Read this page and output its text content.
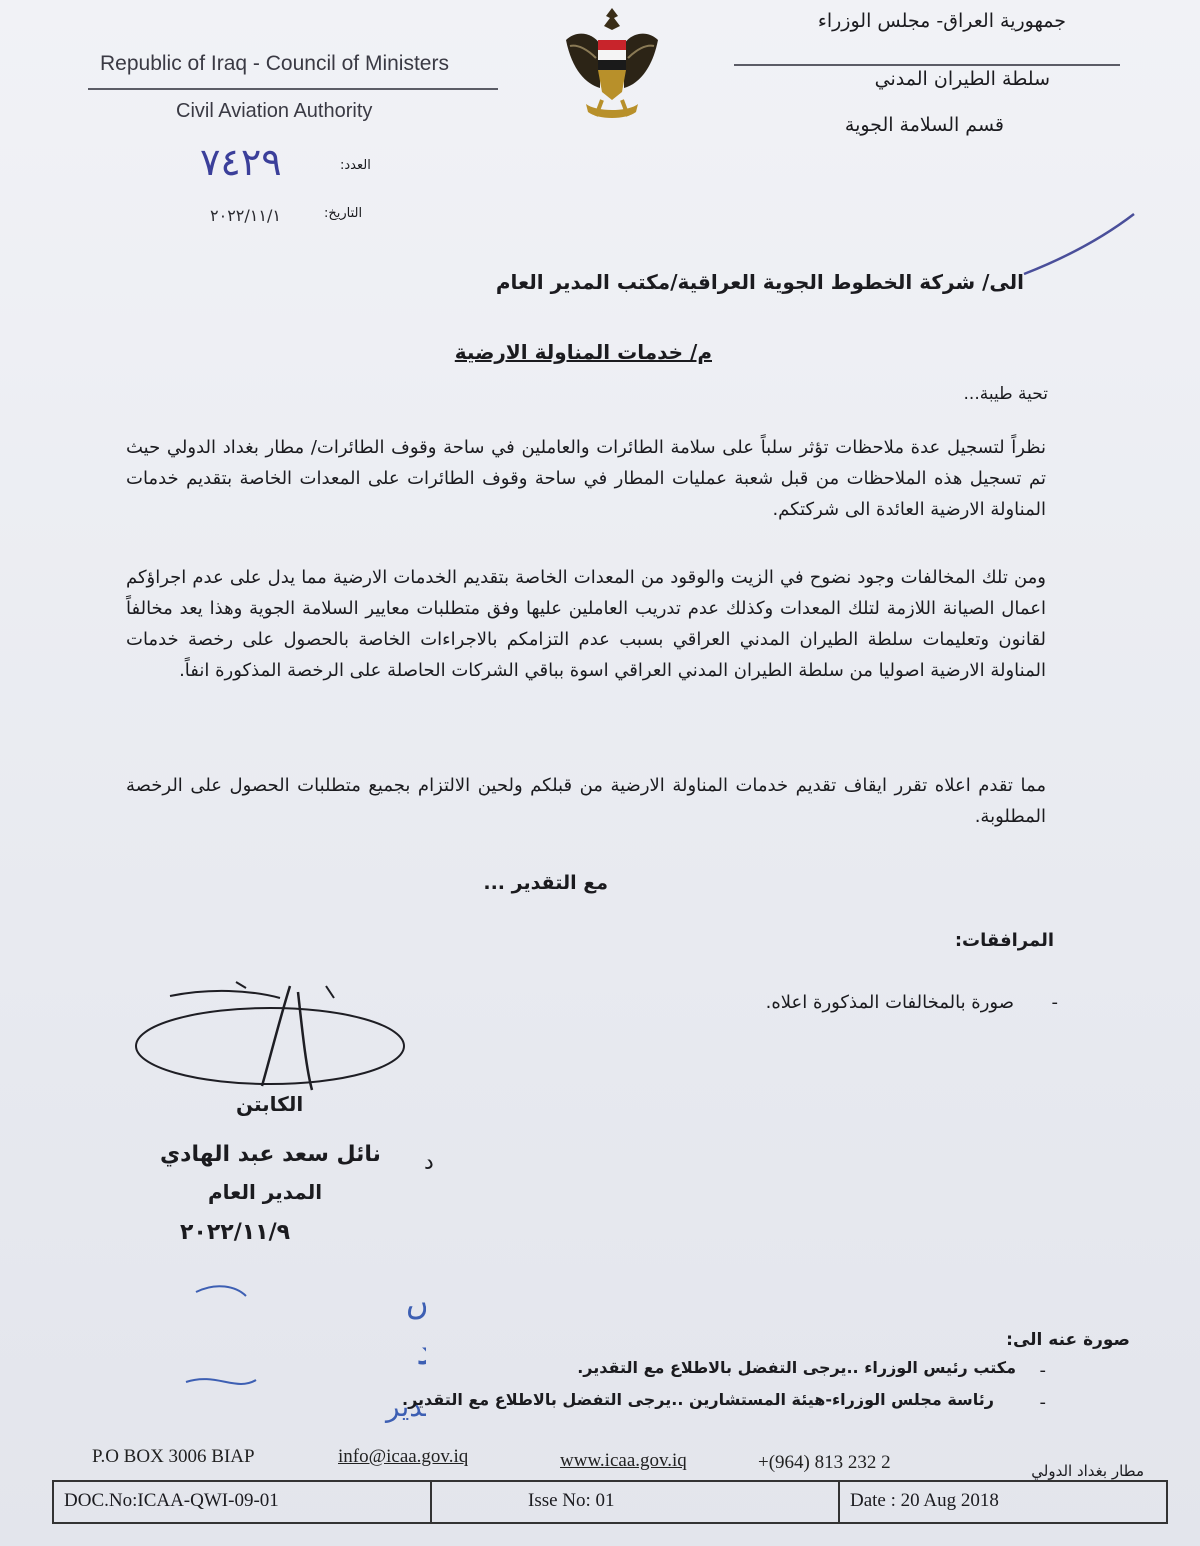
Republic of Iraq - Council of Ministers
Civil Aviation Authority
جمهورية العراق- مجلس الوزراء
سلطة الطيران المدني
قسم السلامة الجوية
العدد:
٧٤٢٩
التاريخ:
٢٠٢٢/١١/١
الى/ شركة الخطوط الجوية العراقية/مكتب المدير العام
م/ خدمات المناولة الارضية
تحية طيبة...
نظراً لتسجيل عدة ملاحظات تؤثر سلباً على سلامة الطائرات والعاملين في ساحة وقوف الطائرات/ مطار بغداد الدولي حيث تم تسجيل هذه الملاحظات من قبل شعبة عمليات المطار في ساحة وقوف الطائرات على المعدات الخاصة بتقديم خدمات المناولة الارضية العائدة الى شركتكم.
ومن تلك المخالفات وجود نضوح في الزيت والوقود من المعدات الخاصة بتقديم الخدمات الارضية مما يدل على عدم اجراؤكم اعمال الصيانة اللازمة لتلك المعدات وكذلك عدم تدريب العاملين عليها وفق متطلبات معايير السلامة الجوية وهذا يعد مخالفاً لقانون وتعليمات سلطة الطيران المدني العراقي بسبب عدم التزامكم بالاجراءات الخاصة بالحصول على رخصة خدمات المناولة الارضية اصوليا من سلطة الطيران المدني العراقي اسوة بباقي الشركات الحاصلة على الرخصة المذكورة انفاً.
مما تقدم اعلاه تقرر ايقاف تقديم خدمات المناولة الارضية من قبلكم ولحين الالتزام بجميع متطلبات الحصول على الرخصة المطلوبة.
مع التقدير ...
المرافقات:
-
صورة بالمخالفات المذكورة اعلاه.
الكابتن
د
نائل سعد عبد الهادي
المدير العام
٢٠٢٢/١١/٩
س
دير
صورة عنه الى:
-
مكتب رئيس الوزراء ..يرجى التفضل بالاطلاع مع التقدير.
-
رئاسة مجلس الوزراء-هيئة المستشارين ..يرجى التفضل بالاطلاع مع التقدير.
P.O BOX 3006 BIAP	info@icaa.gov.iq	www.icaa.gov.iq	+(964) 813 232 2	مطار بغداد الدولي
DOC.No:ICAA-QWI-09-01	Isse No: 01	Date : 20 Aug 2018
